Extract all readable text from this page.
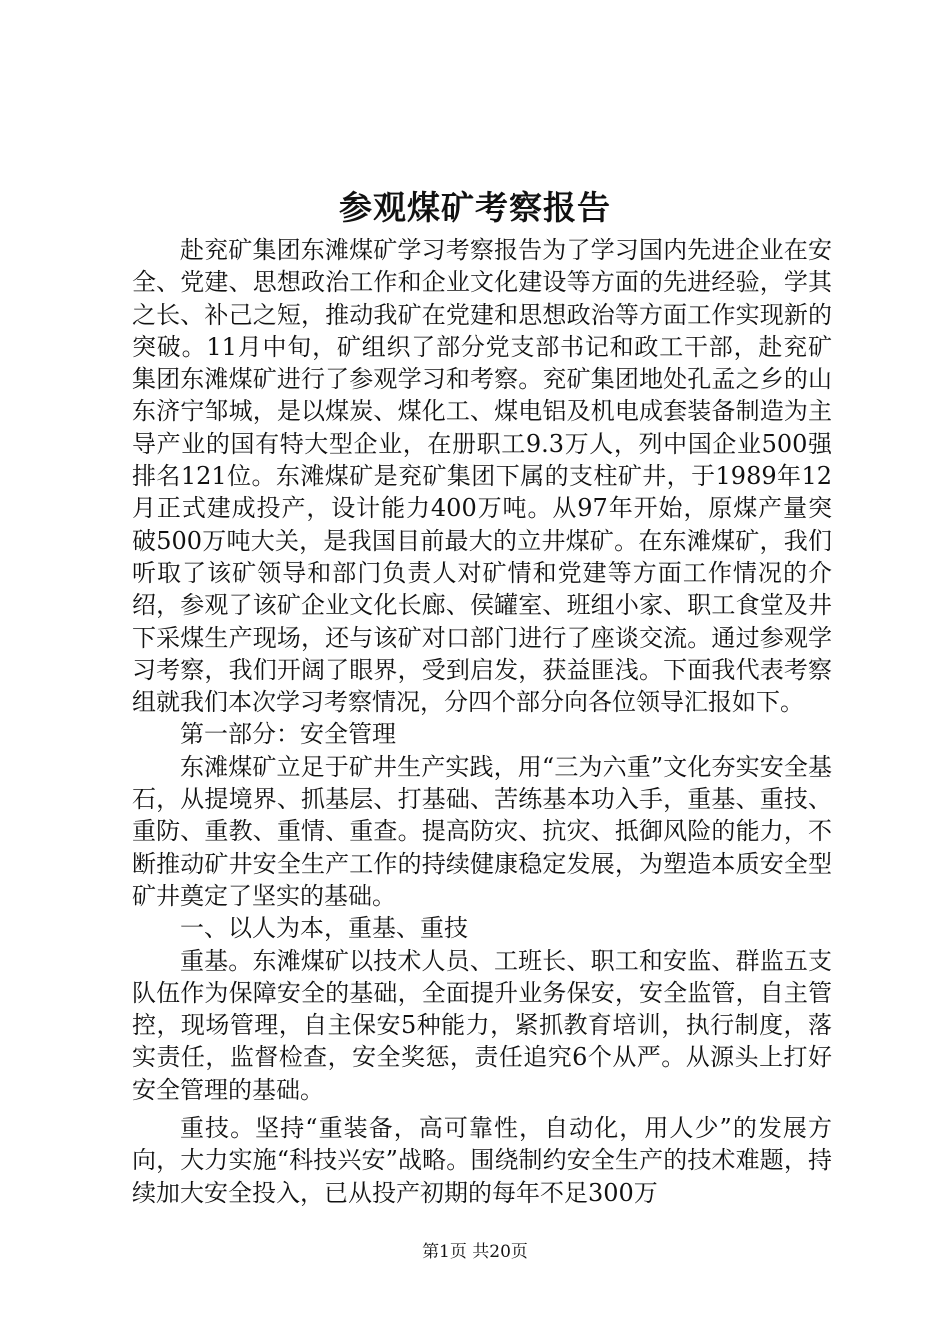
参观煤矿考察报告

赴兖矿集团东滩煤矿学习考察报告为了学习国内先进企业在安全、党建、思想政治工作和企业文化建设等方面的先进经验，学其之长、补己之短，推动我矿在党建和思想政治等方面工作实现新的突破。11月中旬，矿组织了部分党支部书记和政工干部，赴兖矿集团东滩煤矿进行了参观学习和考察。兖矿集团地处孔孟之乡的山东济宁邹城，是以煤炭、煤化工、煤电铝及机电成套装备制造为主导产业的国有特大型企业，在册职工9.3万人，列中国企业500强排名121位。东滩煤矿是兖矿集团下属的支柱矿井，于1989年12月正式建成投产，设计能力400万吨。从97年开始，原煤产量突破500万吨大关，是我国目前最大的立井煤矿。在东滩煤矿，我们听取了该矿领导和部门负责人对矿情和党建等方面工作情况的介绍，参观了该矿企业文化长廊、侯罐室、班组小家、职工食堂及井下采煤生产现场，还与该矿对口部门进行了座谈交流。通过参观学习考察，我们开阔了眼界，受到启发，获益匪浅。下面我代表考察组就我们本次学习考察情况，分四个部分向各位领导汇报如下。

第一部分：安全管理

东滩煤矿立足于矿井生产实践，用“三为六重”文化夯实安全基石，从提境界、抓基层、打基础、苦练基本功入手，重基、重技、重防、重教、重情、重查。提高防灾、抗灾、抵御风险的能力，不断推动矿井安全生产工作的持续健康稳定发展，为塑造本质安全型矿井奠定了坚实的基础。

一、以人为本，重基、重技

重基。东滩煤矿以技术人员、工班长、职工和安监、群监五支队伍作为保障安全的基础，全面提升业务保安，安全监管，自主管控，现场管理，自主保安5种能力，紧抓教育培训，执行制度，落实责任，监督检查，安全奖惩，责任追究6个从严。从源头上打好安全管理的基础。

重技。坚持“重装备，高可靠性，自动化，用人少”的发展方向，大力实施“科技兴安”战略。围绕制约安全生产的技术难题，持续加大安全投入，已从投产初期的每年不足300万

第1页 共20页
